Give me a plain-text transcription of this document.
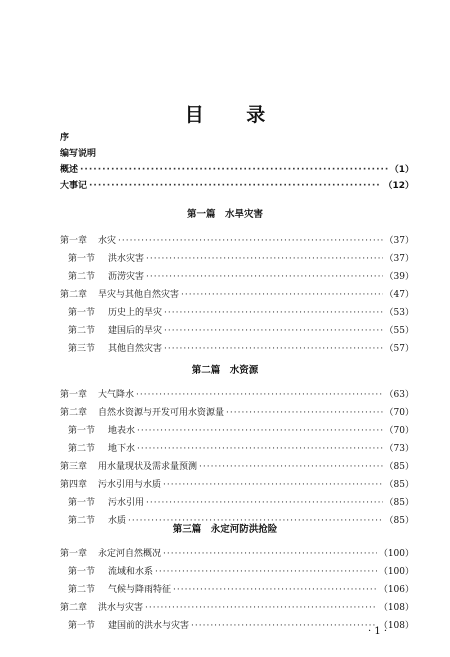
目 录
序
编写说明
概述 ·····	（1）
大事记 ·····	（12）
第一篇　水旱灾害
第一章 水灾 ·····	（37）
第一节 洪水灾害 ·····	（37）
第二节 沥涝灾害 ·····	（39）
第二章 旱灾与其他自然灾害 ·····	（47）
第一节 历史上的旱灾 ·····	（53）
第二节 建国后的旱灾 ·····	（55）
第三节 其他自然灾害 ·····	（57）
第二篇　水资源
第一章 大气降水 ·····	（63）
第二章 自然水资源与开发可用水资源量 ·····	（70）
第一节 地表水 ·····	（70）
第二节 地下水 ·····	（73）
第三章 用水量现状及需求量预测 ·····	（85）
第四章 污水引用与水质 ·····	（85）
第一节 污水引用 ·····	（85）
第二节 水质 ·····	（85）
第三篇　永定河防洪抢险
第一章 永定河自然概况 ·····	（100）
第一节 流域和水系 ·····	（100）
第二节 气候与降雨特征 ·····	（106）
第二章 洪水与灾害 ·····	（108）
第一节 建国前的洪水与灾害 ·····	（108）
· 1 ·
